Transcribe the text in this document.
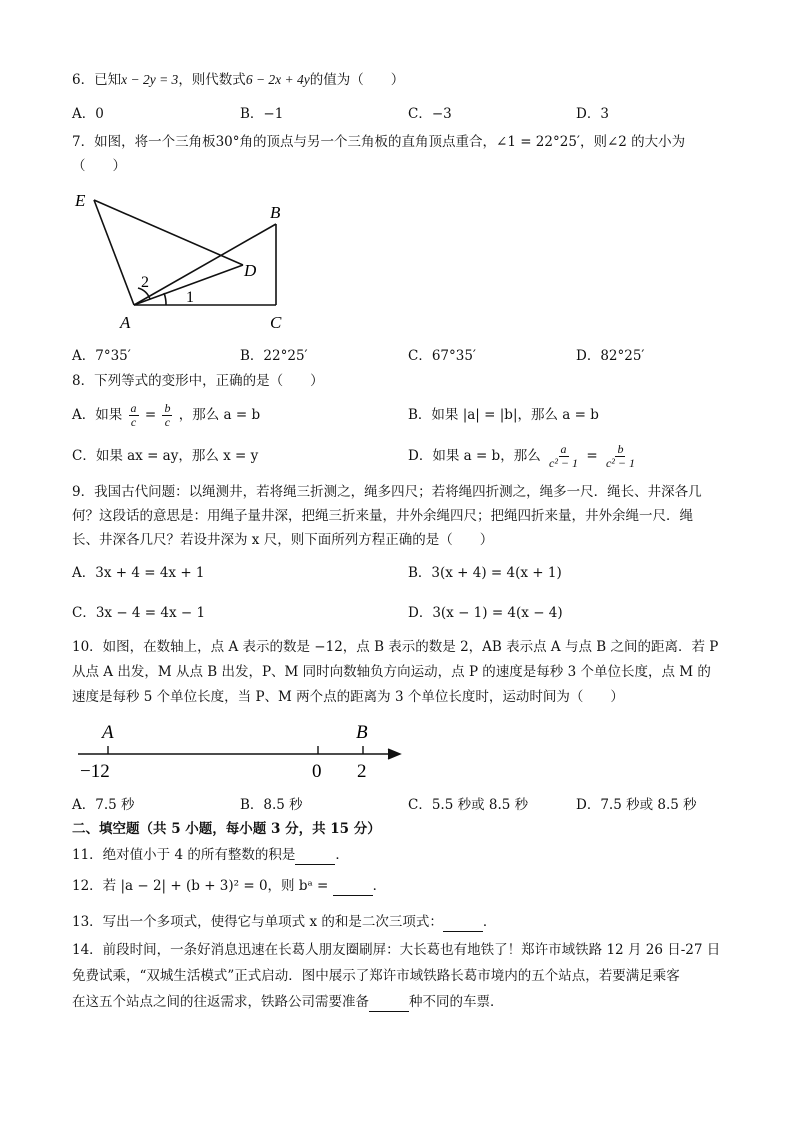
6．已知x − 2y = 3，则代数式6 − 2x + 4y的值为（　　）
A．0	B．−1	C．−3	D．3
7．如图，将一个三角板30°角的顶点与另一个三角板的直角顶点重合，∠1 = 22°25′，则∠2 的大小为
（　　）
E
B
D
A	C
1
2
A．7°35′	B．22°25′	C．67°35′	D．82°25′
8．下列等式的变形中，正确的是（　　）
A．如果 $\frac{a}{c} = \frac{b}{c}$ ，那么 a = b	B．如果 |a| = |b|，那么 a = b
C．如果 ax = ay，那么 x = y	D．如果 a = b，那么 $\frac{a}{\text{c² − 1}} = \frac{b}{\text{c² − 1}}$
9．我国古代问题：以绳测井，若将绳三折测之，绳多四尺；若将绳四折测之，绳多一尺．绳长、井深各几
何？这段话的意思是：用绳子量井深，把绳三折来量，井外余绳四尺；把绳四折来量，井外余绳一尺．绳
长、井深各几尺？若设井深为 x 尺，则下面所列方程正确的是（　　）
A．3x + 4 = 4x + 1	B．3(x + 4) = 4(x + 1)
C．3x − 4 = 4x − 1	D．3(x − 1) = 4(x − 4)
10．如图，在数轴上，点 A 表示的数是 −12，点 B 表示的数是 2，AB 表示点 A 与点 B 之间的距离．若 P
从点 A 出发，M 从点 B 出发，P、M 同时向数轴负方向运动，点 P 的速度是每秒 3 个单位长度，点 M 的
速度是每秒 5 个单位长度，当 P、M 两个点的距离为 3 个单位长度时，运动时间为（　　）
A	B
−12	0 2
A．7.5 秒	B．8.5 秒	C．5.5 秒或 8.5 秒	D．7.5 秒或 8.5 秒
二、填空题（共 5 小题，每小题 3 分，共 15 分）
11．绝对值小于 4 的所有整数的积是	．
12．若 |a − 2| + (b + 3)² = 0，则 bᵃ =	．
13．写出一个多项式，使得它与单项式 x 的和是二次三项式：	．
14．前段时间，一条好消息迅速在长葛人朋友圈刷屏：大长葛也有地铁了！郑许市域铁路 12 月 26 日-27 日
免费试乘，“双城生活模式”正式启动．图中展示了郑许市域铁路长葛市境内的五个站点，若要满足乘客
在这五个站点之间的往返需求，铁路公司需要准备	种不同的车票．
